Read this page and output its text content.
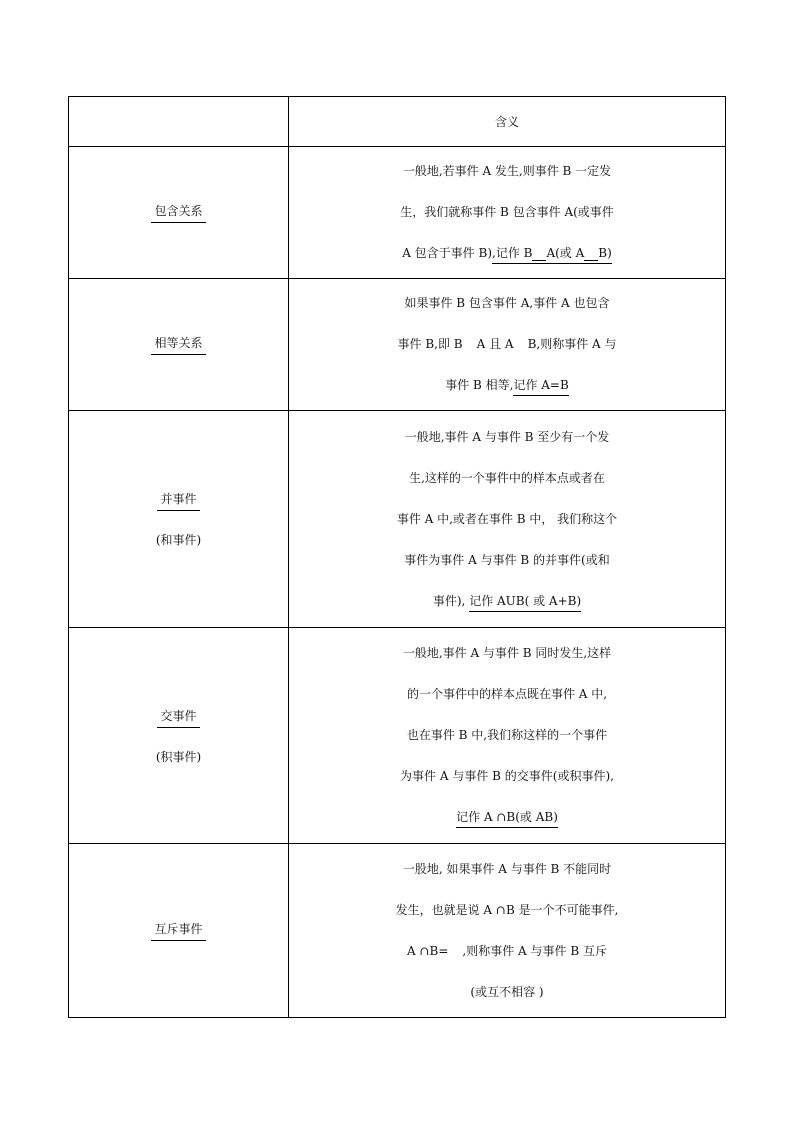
	含义
包含关系	一般地,若事件 A 发生,则事件 B 一定发
生，我们就称事件 B 包含事件 A(或事件
A 包含于事件 B),记作 B A(或 A B)

相等关系	如果事件 B 包含事件 A,事件 A 也包含
事件 B,即 B A 且 A B,则称事件 A 与
事件 B 相等,记作 A=B

并事件
(和事件)	一般地,事件 A 与事件 B 至少有一个发
生,这样的一个事件中的样本点或者在
事件 A 中,或者在事件 B 中， 我们称这个
事件为事件 A 与事件 B 的并事件(或和
事件), 记作 AUB( 或 A+B)

交事件
(积事件)	一般地,事件 A 与事件 B 同时发生,这样
的一个事件中的样本点既在事件 A 中,
也在事件 B 中,我们称这样的一个事件
为事件 A 与事件 B 的交事件(或积事件),
记作 A ∩B(或 AB)

互斥事件	一股地, 如果事件 A 与事件 B 不能同时
发生，也就是说 A ∩B 是一个不可能事件,
A ∩B= ,则称事件 A 与事件 B 互斥
(或互不相容 )
